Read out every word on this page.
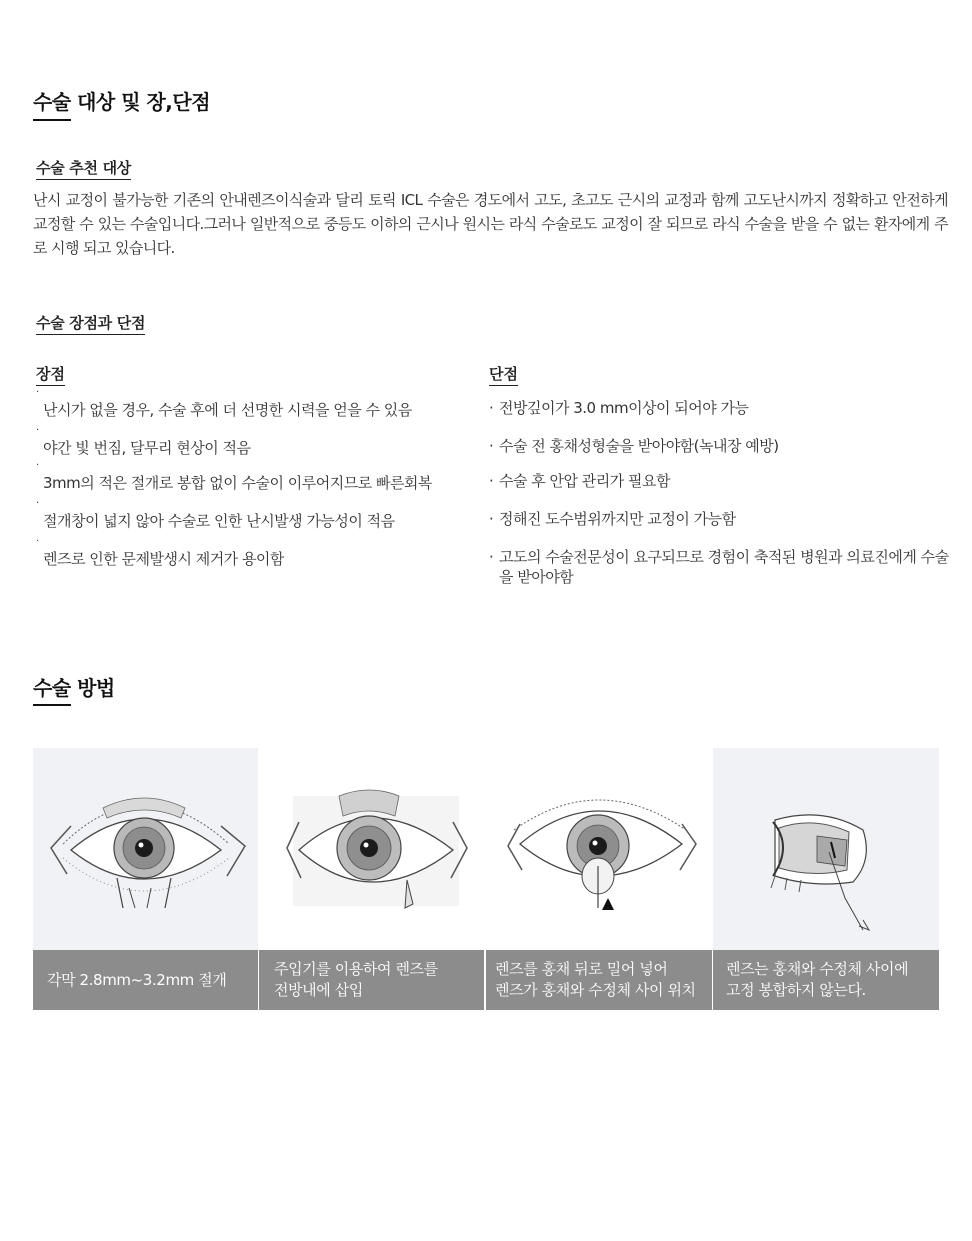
수술 대상 및 장,단점
수술 추천 대상

난시 교정이 불가능한 기존의 안내렌즈이식술과 달리 토릭 ICL 수술은 경도에서 고도, 초고도 근시의 교정과 함께 고도난시까지 정확하고 안전하게 교정할 수 있는 수술입니다.그러나 일반적으로 중등도 이하의 근시나 원시는 라식 수술로도 교정이 잘 되므로 라식 수술을 받을 수 없는 환자에게 주로 시행 되고 있습니다.

수술 장점과 단점
장점	단점
·
난시가 없을 경우, 수술 후에 더 선명한 시력을 얻을 수 있음
·
야간 빛 번짐, 달무리 현상이 적음
·
3mm의 적은 절개로 봉합 없이 수술이 이루어지므로 빠른회복
·
절개창이 넓지 않아 수술로 인한 난시발생 가능성이 적음
·
렌즈로 인한 문제발생시 제거가 용이함
· 전방깊이가 3.0 mm이상이 되어야 가능
· 수술 전 홍채성형술을 받아야함(녹내장 예방)
· 수술 후 안압 관리가 필요함
· 정해진 도수범위까지만 교정이 가능함
· 고도의 수술전문성이 요구되므로 경험이 축적된 병원과 의료진에게 수술을 받아야함
수술 방법
각막 2.8mm~3.2mm 절개
주입기를 이용하여 렌즈를
전방내에 삽입
렌즈를 홍채 뒤로 밀어 넣어
렌즈가 홍채와 수정체 사이 위치
렌즈는 홍채와 수정체 사이에
고정 봉합하지 않는다.
